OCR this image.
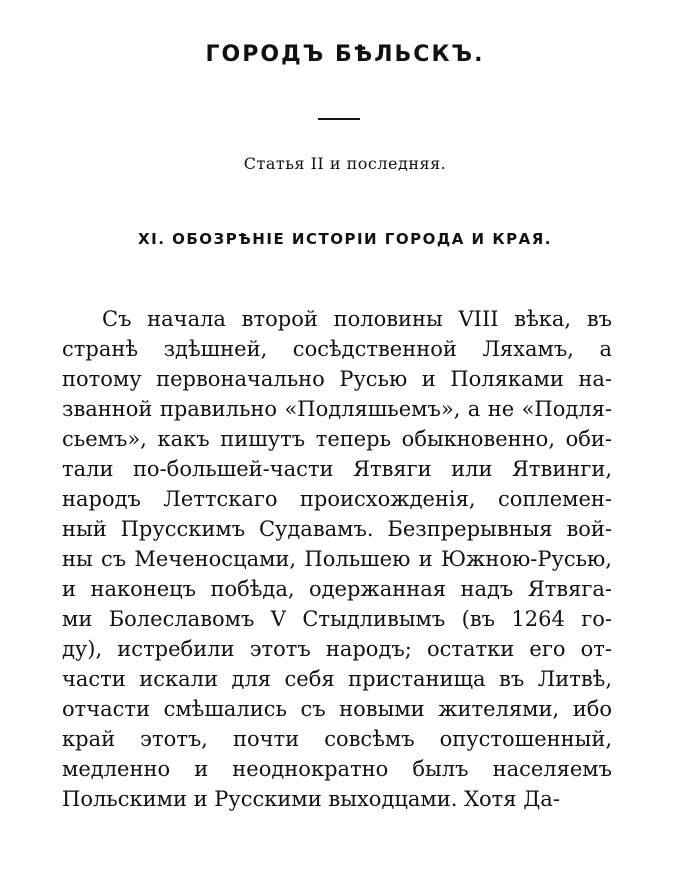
ГОРОДЪ БѢЛЬСКЪ.
Статья II и последняя.
XI. ОБОЗРѢНІЕ ИСТОРІИ ГОРОДА И КРАЯ.
Съ начала второй половины VIII вѣка, въ
странѣ здѣшней, сосѣдственной Ляхамъ, а
потому первоначально Русью и Поляками на-
званной правильно «Подляшьемъ», а не «Подля-
сьемъ», какъ пишутъ теперь обыкновенно, оби-
тали по-большей-части Ятвяги или Ятвинги,
народъ Леттскаго происхожденія, соплемен-
ный Прусскимъ Судавамъ. Безпрерывныя вой-
ны съ Меченосцами, Польшею и Южною-Русью,
и наконецъ побѣда, одержанная надъ Ятвяга-
ми Болеславомъ V Стыдливымъ (въ 1264 го-
ду), истребили этотъ народъ; остатки его от-
части искали для себя пристанища въ Литвѣ,
отчасти смѣшались съ новыми жителями, ибо
край этотъ, почти совсѣмъ опустошенный,
медленно и неоднократно былъ населяемъ
Польскими и Русскими выходцами. Хотя Да-
